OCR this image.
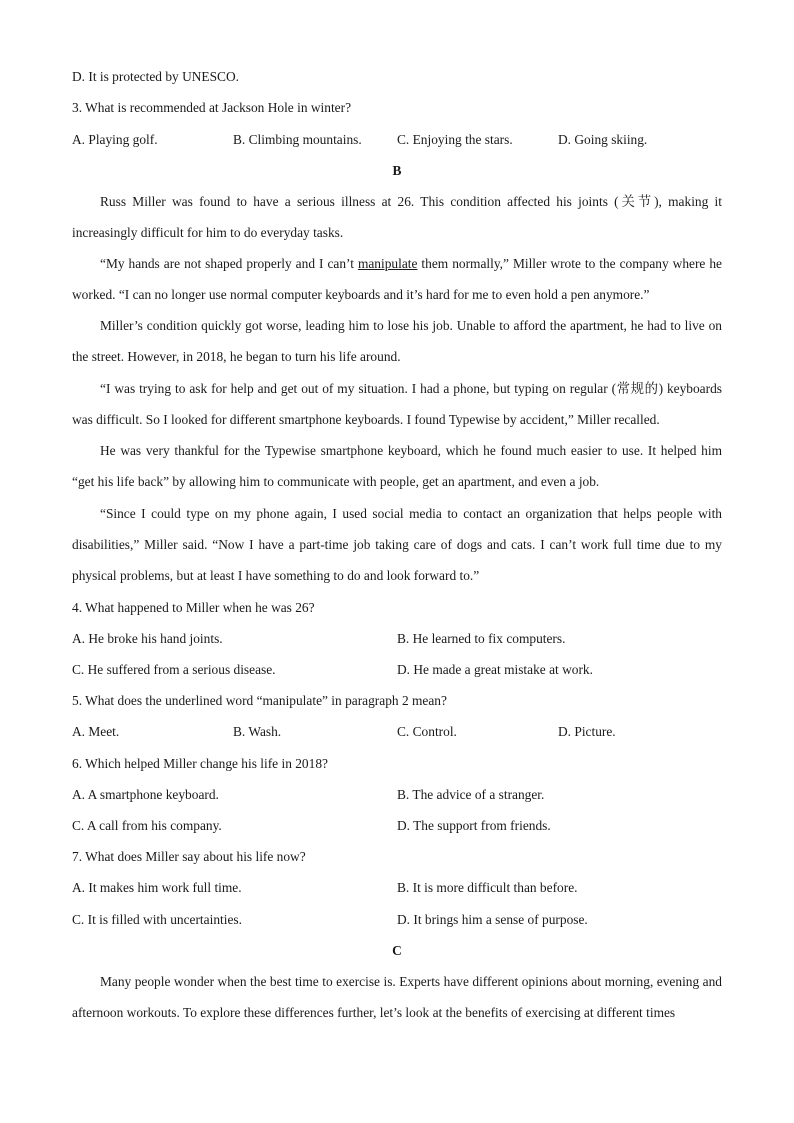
D. It is protected by UNESCO.
3. What is recommended at Jackson Hole in winter?
A. Playing golf.	B. Climbing mountains.	C. Enjoying the stars.	D. Going skiing.
B
Russ Miller was found to have a serious illness at 26. This condition affected his joints (关节), making it increasingly difficult for him to do everyday tasks.
“My hands are not shaped properly and I can’t manipulate them normally,” Miller wrote to the company where he worked. “I can no longer use normal computer keyboards and it’s hard for me to even hold a pen anymore.”
Miller’s condition quickly got worse, leading him to lose his job. Unable to afford the apartment, he had to live on the street. However, in 2018, he began to turn his life around.
“I was trying to ask for help and get out of my situation. I had a phone, but typing on regular (常规的) keyboards was difficult. So I looked for different smartphone keyboards. I found Typewise by accident,” Miller recalled.
He was very thankful for the Typewise smartphone keyboard, which he found much easier to use. It helped him “get his life back” by allowing him to communicate with people, get an apartment, and even a job.
“Since I could type on my phone again, I used social media to contact an organization that helps people with disabilities,” Miller said. “Now I have a part-time job taking care of dogs and cats. I can’t work full time due to my physical problems, but at least I have something to do and look forward to.”
4. What happened to Miller when he was 26?
A. He broke his hand joints.	B. He learned to fix computers.
C. He suffered from a serious disease.	D. He made a great mistake at work.
5. What does the underlined word “manipulate” in paragraph 2 mean?
A. Meet.	B. Wash.	C. Control.	D. Picture.
6. Which helped Miller change his life in 2018?
A. A smartphone keyboard.	B. The advice of a stranger.
C. A call from his company.	D. The support from friends.
7. What does Miller say about his life now?
A. It makes him work full time.	B. It is more difficult than before.
C. It is filled with uncertainties.	D. It brings him a sense of purpose.
C
Many people wonder when the best time to exercise is. Experts have different opinions about morning, evening and afternoon workouts. To explore these differences further, let’s look at the benefits of exercising at different times
